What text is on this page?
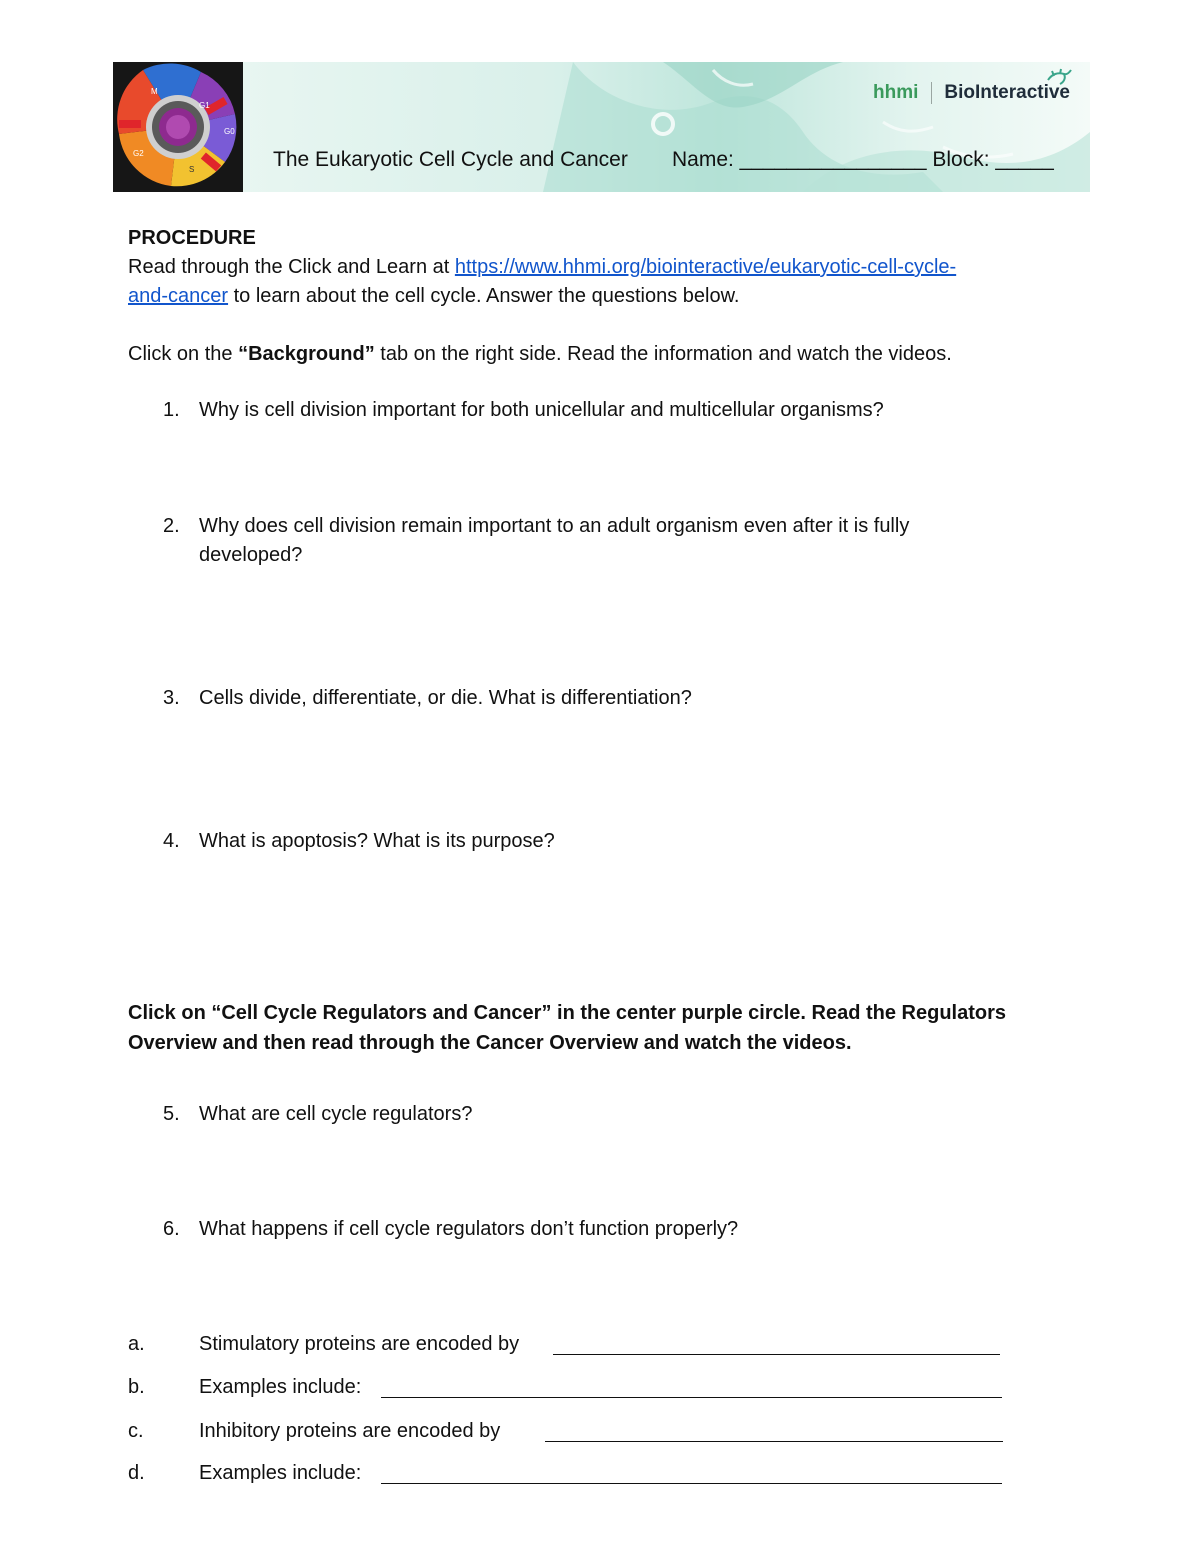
M
G1
G0
S
G2
hhmi BioInteractive
The Eukaryotic Cell Cycle and Cancer Name: ________________ Block: _____
PROCEDURE
Read through the Click and Learn at https://www.hhmi.org/biointeractive/eukaryotic-cell-cycle-
and-cancer to learn about the cell cycle. Answer the questions below.
Click on the “Background” tab on the right side. Read the information and watch the videos.
1. Why is cell division important for both unicellular and multicellular organisms?
2. Why does cell division remain important to an adult organism even after it is fully developed?
3. Cells divide, differentiate, or die. What is differentiation?
4. What is apoptosis? What is its purpose?
Click on “Cell Cycle Regulators and Cancer” in the center purple circle. Read the Regulators
Overview and then read through the Cancer Overview and watch the videos.
5. What are cell cycle regulators?
6. What happens if cell cycle regulators don’t function properly?
a.	Stimulatory proteins are encoded by
b.	Examples include:
c.	Inhibitory proteins are encoded by
d.	Examples include:
